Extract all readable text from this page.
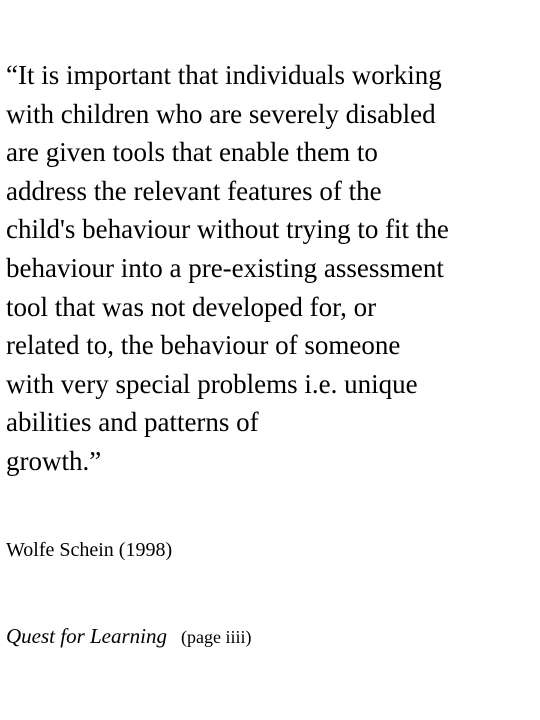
“It is important that individuals working
with children who are severely disabled
are given tools that enable them to
address the relevant features of the
child's behaviour without trying to fit the
behaviour into a pre-existing assessment
tool that was not developed for, or
related to, the behaviour of someone
with very special problems i.e. unique
abilities and patterns of
growth.”

Wolfe Schein (1998)

Quest for Learning (page iiii)
